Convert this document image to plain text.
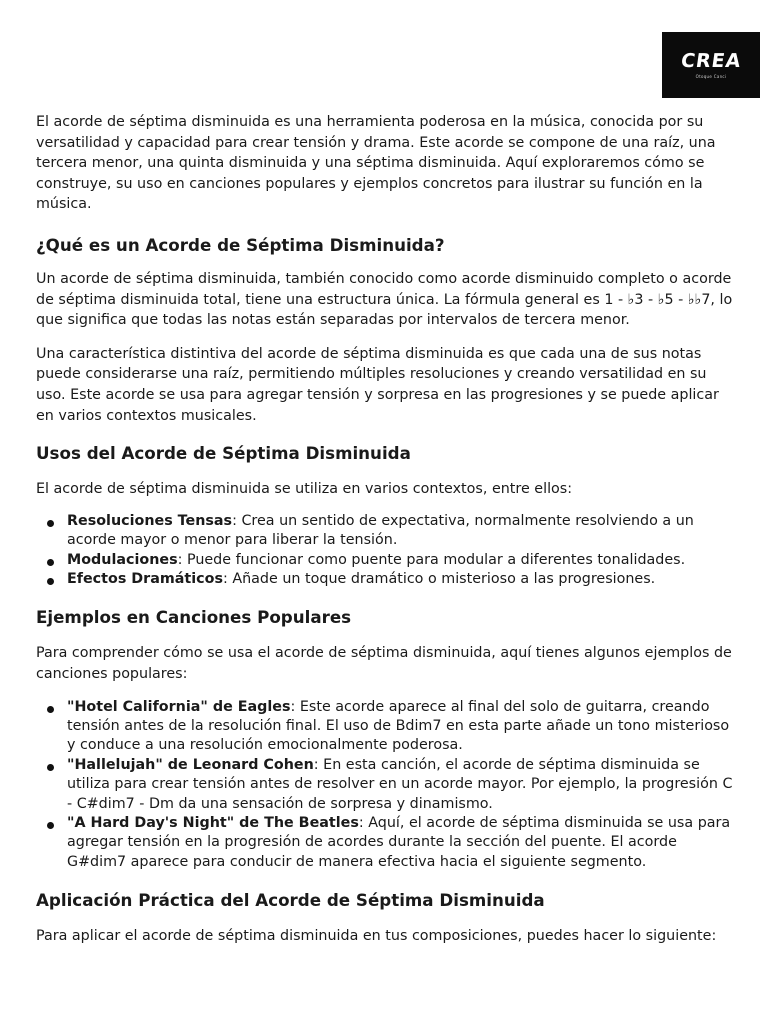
CREA
Otoque Canci

El acorde de séptima disminuida es una herramienta poderosa en la música, conocida por su versatilidad y capacidad para crear tensión y drama. Este acorde se compone de una raíz, una tercera menor, una quinta disminuida y una séptima disminuida. Aquí exploraremos cómo se construye, su uso en canciones populares y ejemplos concretos para ilustrar su función en la música.

¿Qué es un Acorde de Séptima Disminuida?

Un acorde de séptima disminuida, también conocido como acorde disminuido completo o acorde de séptima disminuida total, tiene una estructura única. La fórmula general es 1 - ♭3 - ♭5 - ♭♭7, lo que significa que todas las notas están separadas por intervalos de tercera menor.

Una característica distintiva del acorde de séptima disminuida es que cada una de sus notas puede considerarse una raíz, permitiendo múltiples resoluciones y creando versatilidad en su uso. Este acorde se usa para agregar tensión y sorpresa en las progresiones y se puede aplicar en varios contextos musicales.

Usos del Acorde de Séptima Disminuida

El acorde de séptima disminuida se utiliza en varios contextos, entre ellos:

Resoluciones Tensas: Crea un sentido de expectativa, normalmente resolviendo a un acorde mayor o menor para liberar la tensión.
Modulaciones: Puede funcionar como puente para modular a diferentes tonalidades.
Efectos Dramáticos: Añade un toque dramático o misterioso a las progresiones.
Ejemplos en Canciones Populares

Para comprender cómo se usa el acorde de séptima disminuida, aquí tienes algunos ejemplos de canciones populares:

"Hotel California" de Eagles: Este acorde aparece al final del solo de guitarra, creando tensión antes de la resolución final. El uso de Bdim7 en esta parte añade un tono misterioso y conduce a una resolución emocionalmente poderosa.
"Hallelujah" de Leonard Cohen: En esta canción, el acorde de séptima disminuida se utiliza para crear tensión antes de resolver en un acorde mayor. Por ejemplo, la progresión C - C#dim7 - Dm da una sensación de sorpresa y dinamismo.
"A Hard Day's Night" de The Beatles: Aquí, el acorde de séptima disminuida se usa para agregar tensión en la progresión de acordes durante la sección del puente. El acorde G#dim7 aparece para conducir de manera efectiva hacia el siguiente segmento.
Aplicación Práctica del Acorde de Séptima Disminuida

Para aplicar el acorde de séptima disminuida en tus composiciones, puedes hacer lo siguiente:
